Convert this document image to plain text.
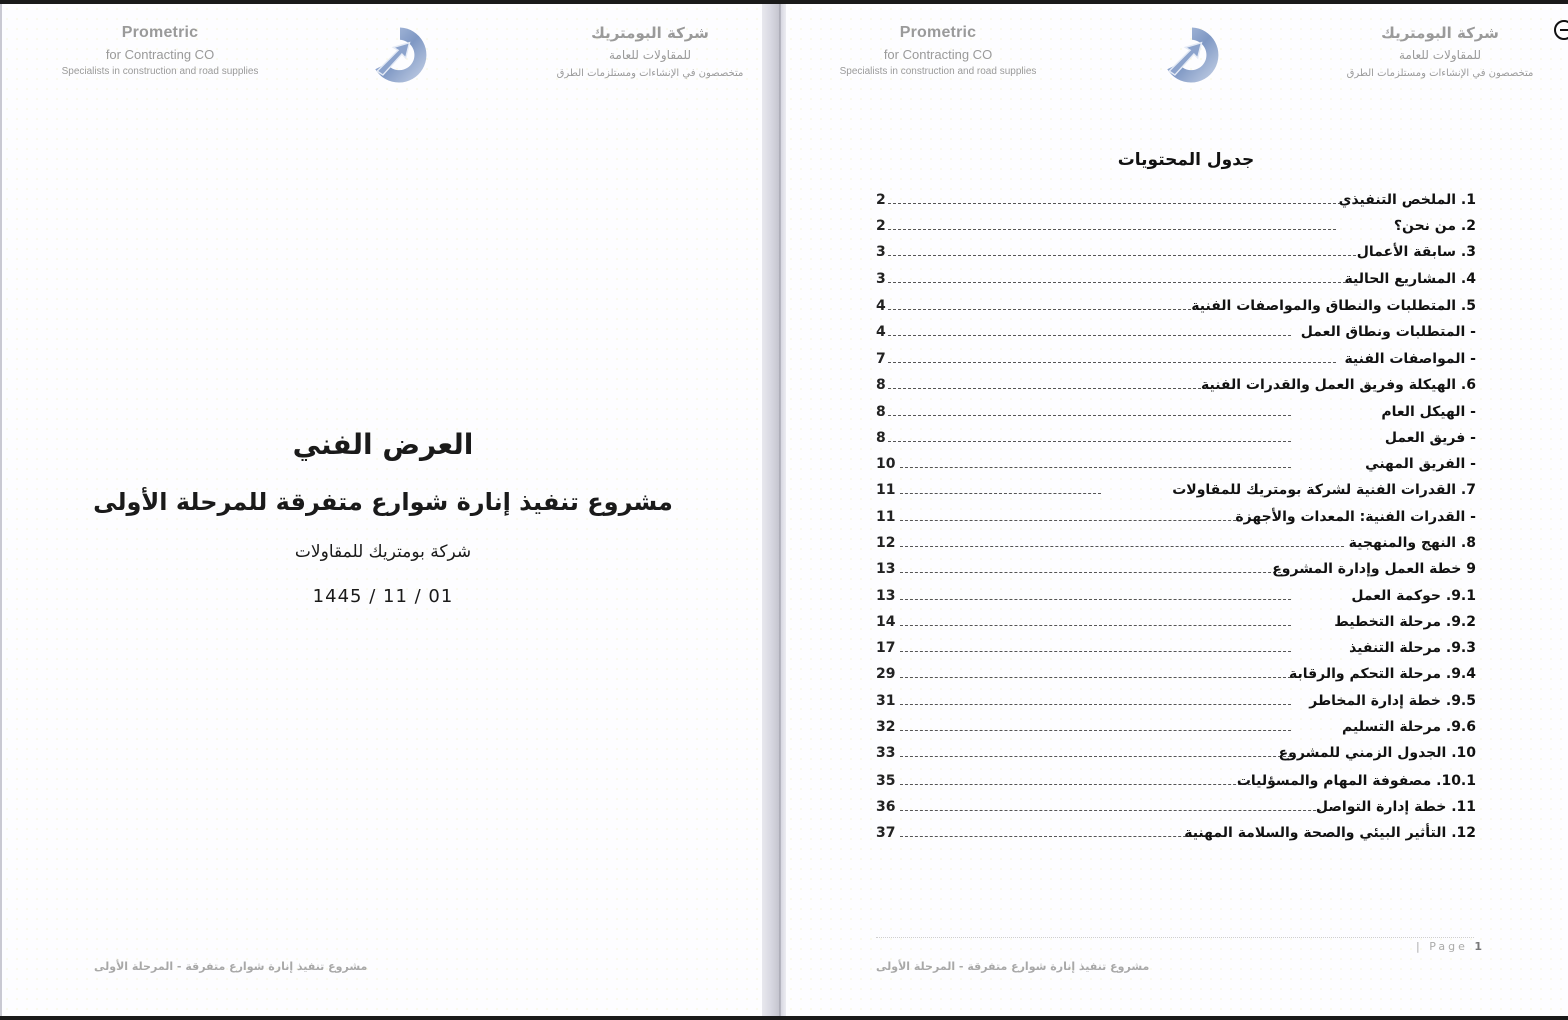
Prometric
for Contracting CO
Specialists in construction and road supplies
شركة البومتريك
للمقاولات للعامة
متخصصون في الإنشاءات ومستلزمات الطرق
العرض الفني
مشروع تنفيذ إنارة شوارع متفرقة للمرحلة الأولى
شركة بومتريك للمقاولات
1445 / 11 / 01
مشروع تنفيذ إنارة شوارع متفرقة - المرحلة الأولى
Prometric
for Contracting CO
Specialists in construction and road supplies
شركة البومتريك
للمقاولات للعامة
متخصصون في الإنشاءات ومستلزمات الطرق
جدول المحتويات
2	1. الملخص التنفيذي
2	2. من نحن؟
3	3. سابقة الأعمال
3	4. المشاريع الحالية
4	5. المتطلبات والنطاق والمواصفات الفنية
4	- المتطلبات ونطاق العمل
7	- المواصفات الفنية
8	6. الهيكلة وفريق العمل والقدرات الفنية
8	- الهيكل العام
8	- فريق العمل
10	- الفريق المهني
11	7. القدرات الفنية لشركة بومتريك للمقاولات
11	- القدرات الفنية: المعدات والأجهزة
12	8. النهج والمنهجية
13	9 خطة العمل وإدارة المشروع
13	9.1. حوكمة العمل
14	9.2. مرحلة التخطيط
17	9.3. مرحلة التنفيذ
29	9.4. مرحلة التحكم والرقابة
31	9.5. خطة إدارة المخاطر
32	9.6. مرحلة التسليم
33	10. الجدول الزمني للمشروع
35	10.1. مصفوفة المهام والمسؤليات
36	11. خطة إدارة التواصل
37	12. التأثير البيئي والصحة والسلامة المهنية
| Page 1
مشروع تنفيذ إنارة شوارع متفرقة - المرحلة الأولى
